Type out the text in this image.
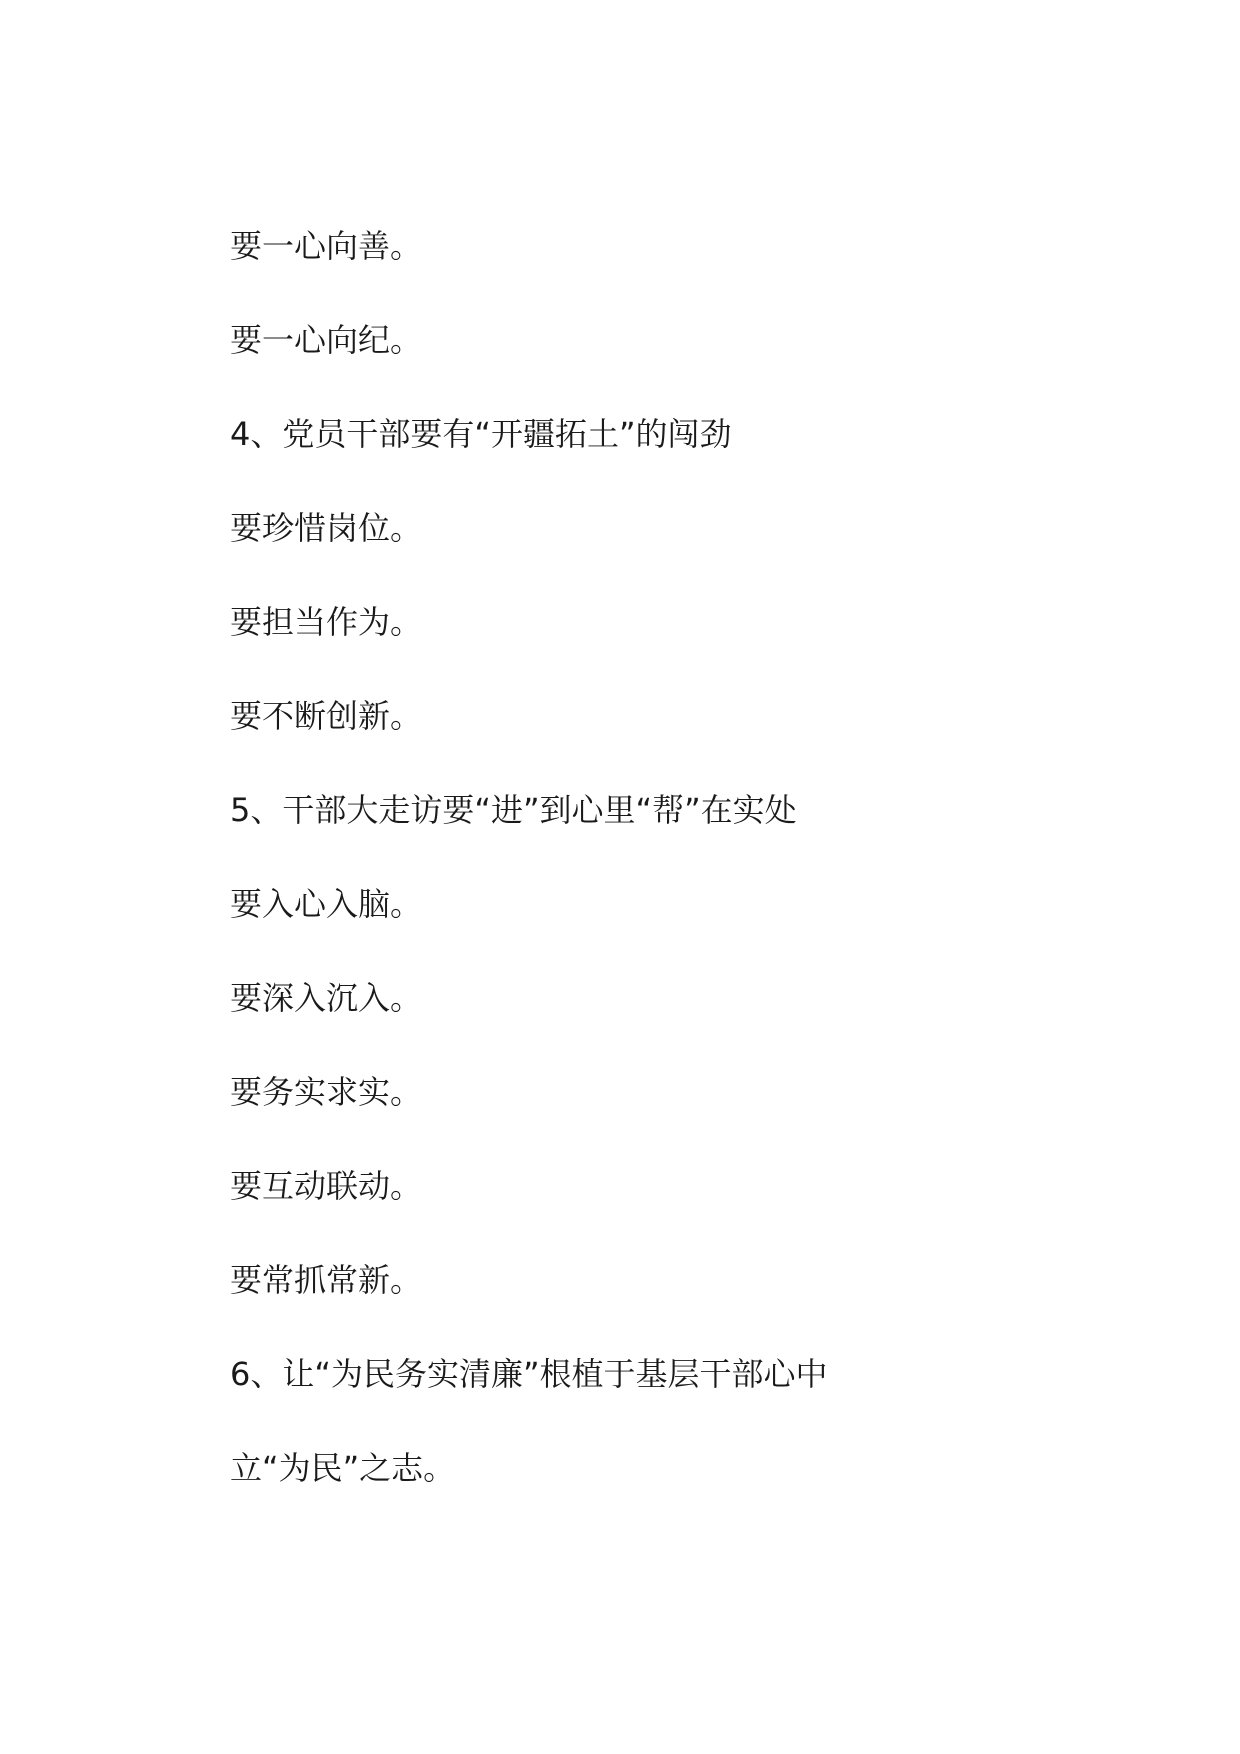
要一心向善。
要一心向纪。
4、党员干部要有“开疆拓土”的闯劲
要珍惜岗位。
要担当作为。
要不断创新。
5、干部大走访要“进”到心里“帮”在实处
要入心入脑。
要深入沉入。
要务实求实。
要互动联动。
要常抓常新。
6、让“为民务实清廉”根植于基层干部心中
立“为民”之志。
